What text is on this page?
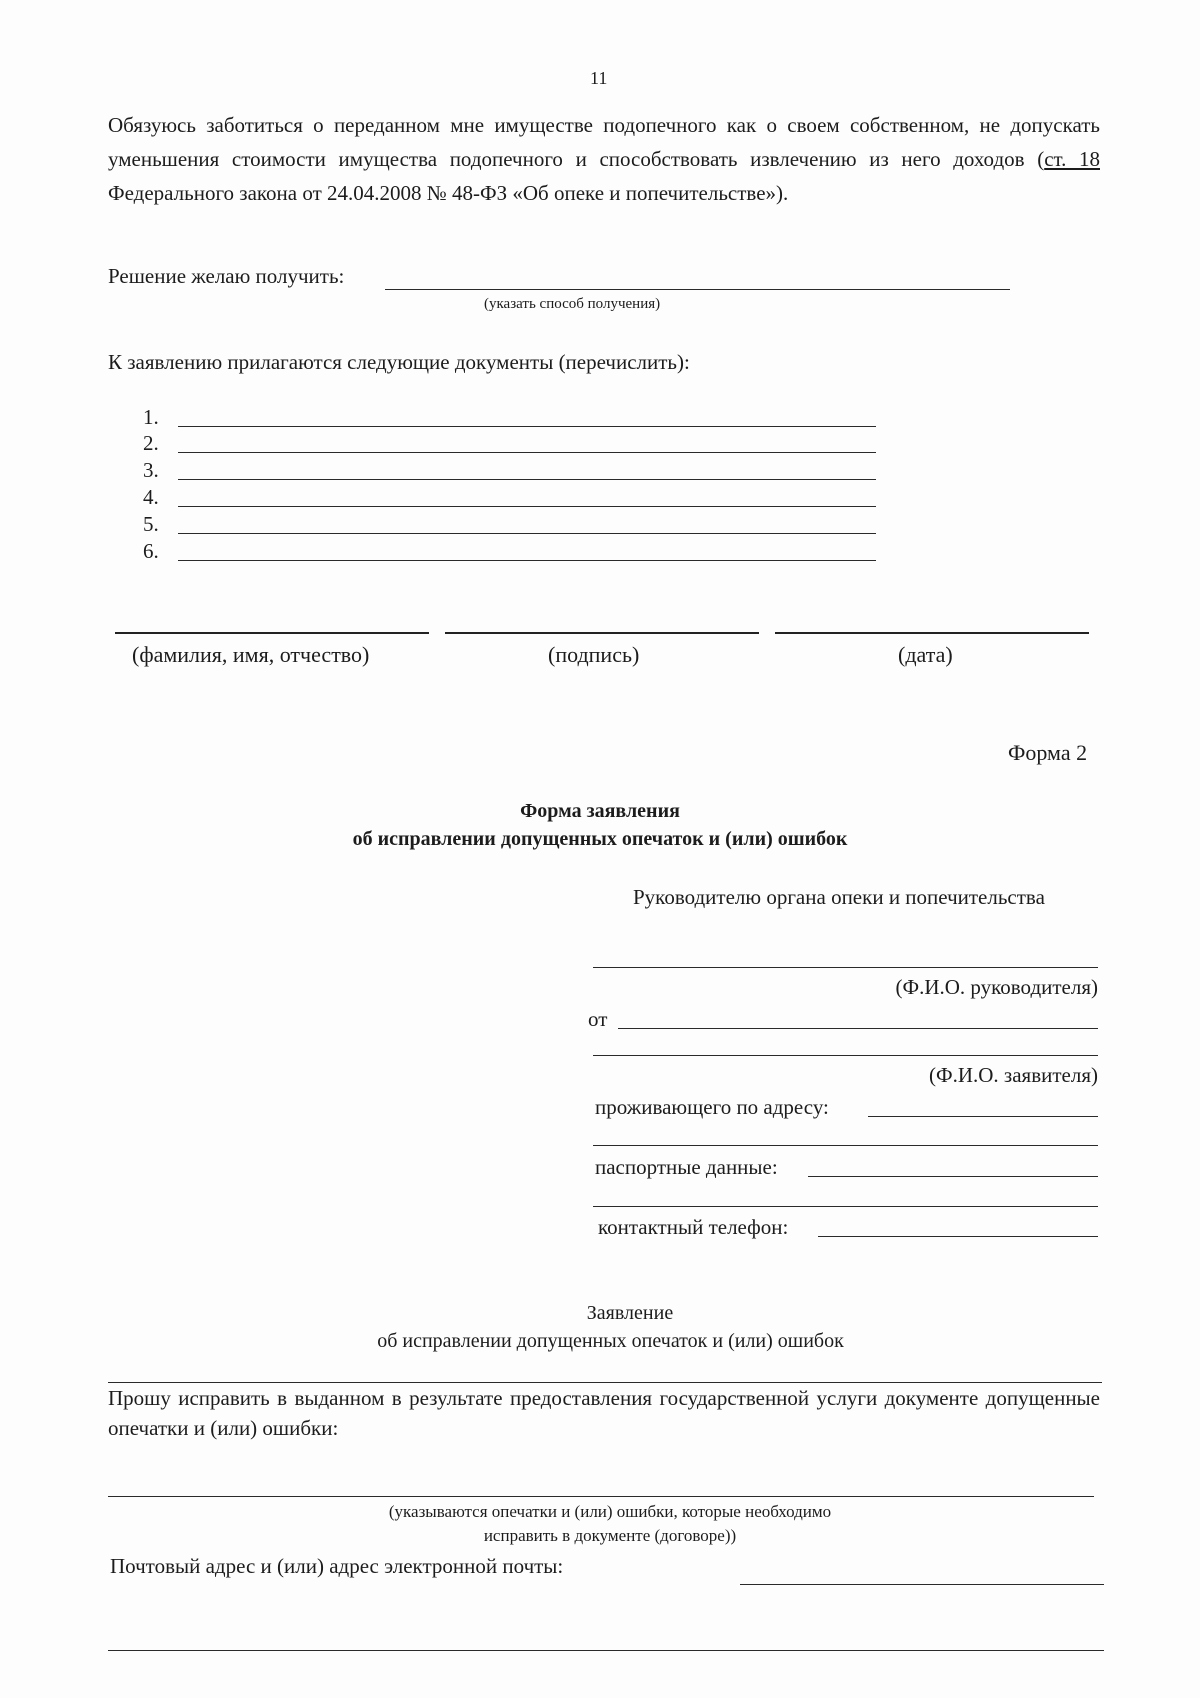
11
Обязуюсь заботиться о переданном мне имуществе подопечного как о своем собственном, не допускать уменьшения стоимости имущества подопечного и способствовать извлечению из него доходов (ст. 18 Федерального закона от 24.04.2008 № 48-ФЗ «Об опеке и попечительстве»).
Решение желаю получить:
(указать способ получения)
К заявлению прилагаются следующие документы (перечислить):
1.
2.
3.
4.
5.
6.
(фамилия, имя, отчество)	(подпись)	(дата)
Форма 2
Форма заявления
об исправлении допущенных опечаток и (или) ошибок
Руководителю органа опеки и попечительства
(Ф.И.О. руководителя)
от
(Ф.И.О. заявителя)
проживающего по адресу:
паспортные данные:
контактный телефон:
Заявление
об исправлении допущенных опечаток и (или) ошибок
Прошу исправить в выданном в результате предоставления государственной услуги документе допущенные опечатки и (или) ошибки:
(указываются опечатки и (или) ошибки, которые необходимо
исправить в документе (договоре))
Почтовый адрес и (или) адрес электронной почты:
